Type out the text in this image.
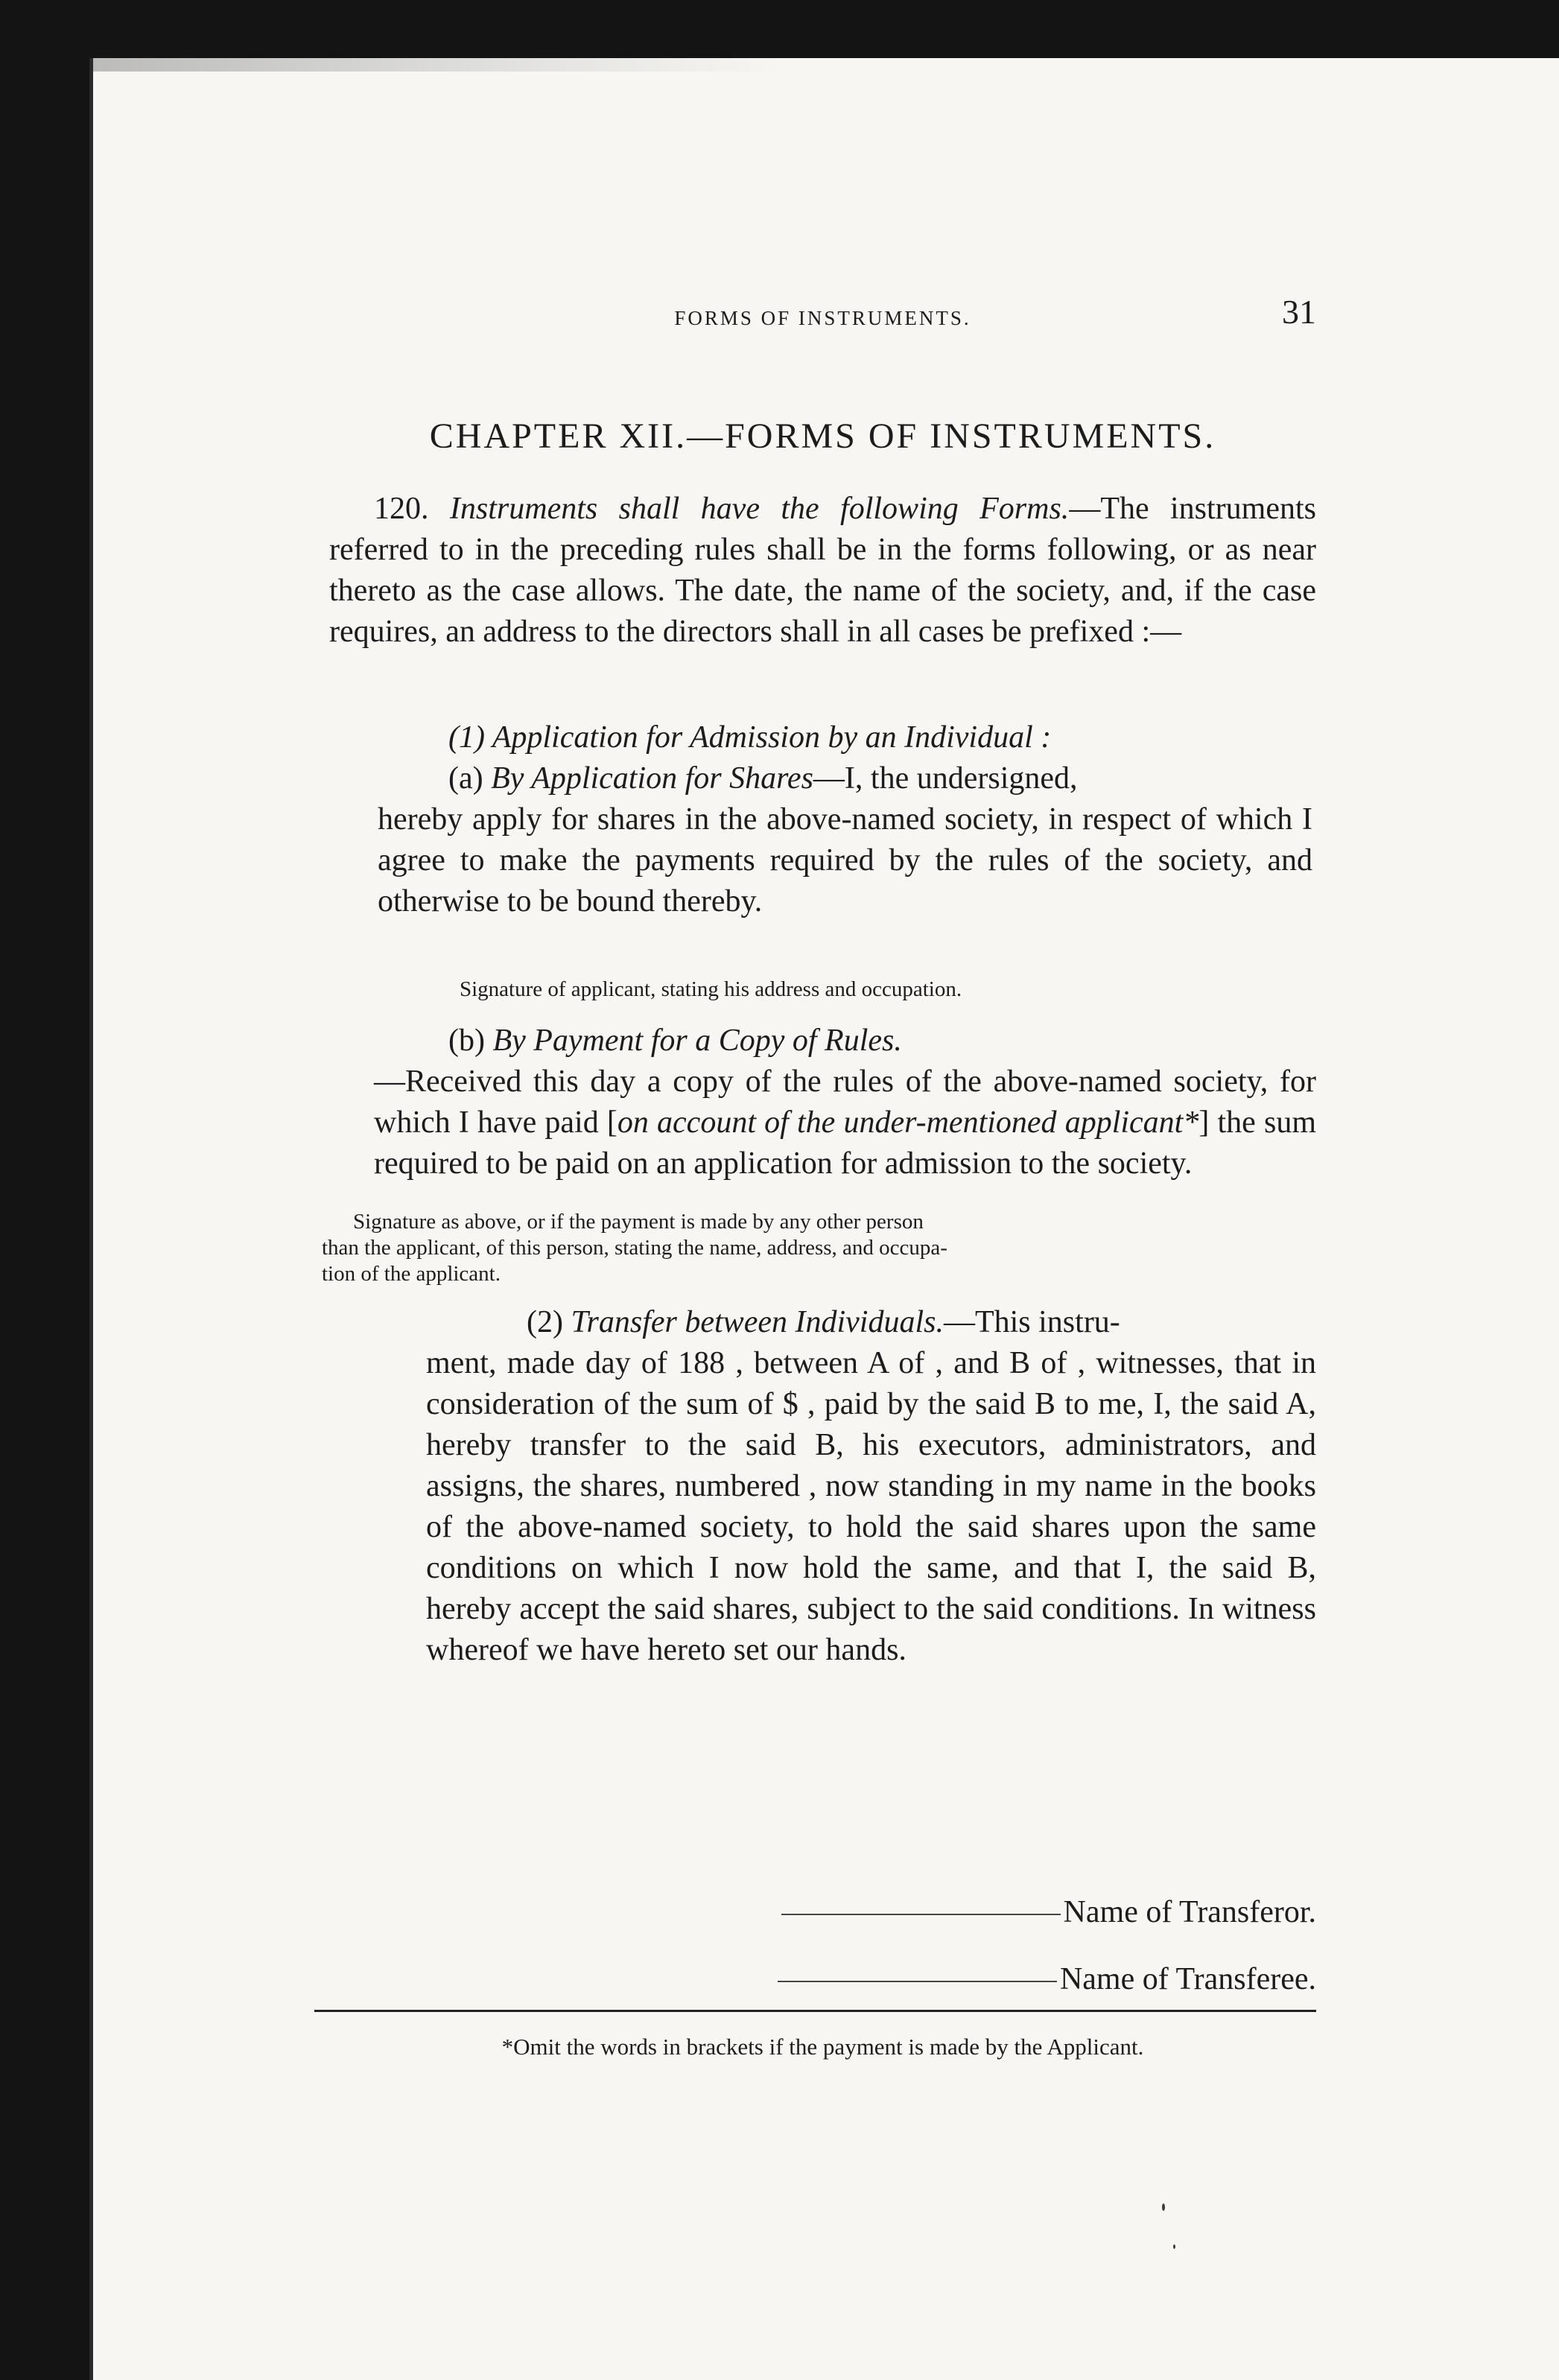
FORMS OF INSTRUMENTS.	31
CHAPTER XII.—FORMS OF INSTRUMENTS.
120. Instruments shall have the following Forms.—The instruments referred to in the preceding rules shall be in the forms following, or as near thereto as the case allows. The date, the name of the society, and, if the case requires, an address to the directors shall in all cases be prefixed :—
(1) Application for Admission by an Individual :
(a) By Application for Shares—I, the undersigned,
hereby apply for shares in the above-named society, in respect of which I agree to make the payments required by the rules of the society, and otherwise to be bound thereby.
Signature of applicant, stating his address and occupation.
(b) By Payment for a Copy of Rules.
—Received this day a copy of the rules of the above-named society, for which I have paid [on account of the under-mentioned applicant*] the sum required to be paid on an application for admission to the society.
Signature as above, or if the payment is made by any other person
than the applicant, of this person, stating the name, address, and occupa-
tion of the applicant.
(2) Transfer between Individuals.—This instru-
ment, made day of 188 , between A of , and B of , witnesses, that in consideration of the sum of $ , paid by the said B to me, I, the said A, hereby transfer to the said B, his executors, administrators, and assigns, the shares, numbered , now standing in my name in the books of the above-named society, to hold the said shares upon the same conditions on which I now hold the same, and that I, the said B, hereby accept the said shares, subject to the said conditions. In witness whereof we have hereto set our hands.
Name of Transferor.
Name of Transferee.
*Omit the words in brackets if the payment is made by the Applicant.
